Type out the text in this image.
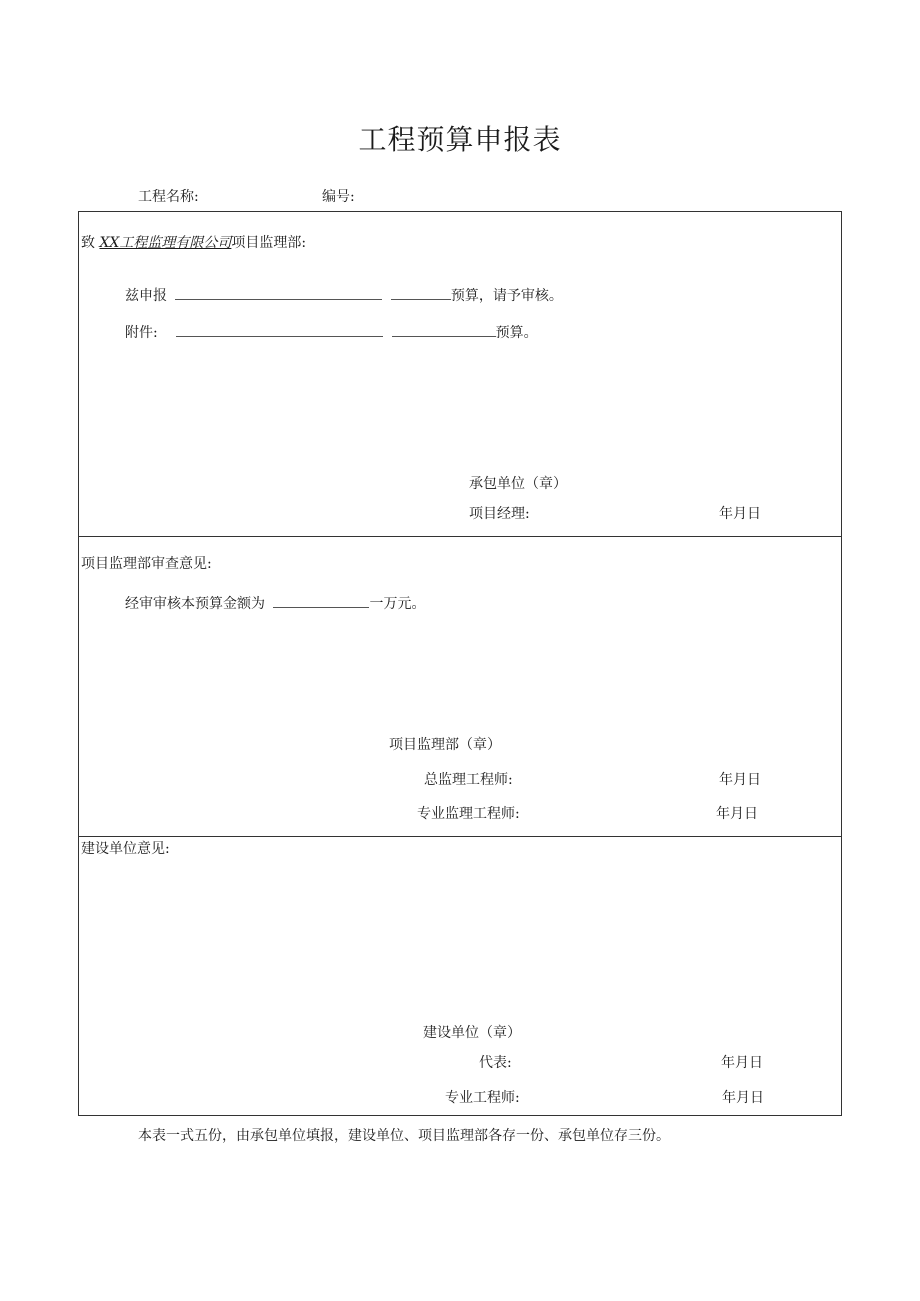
工程预算申报表
工程名称:	编号:
致 XX工程监理有限公司项目监理部:
兹申报	预算，请予审核。
附件:	预算。
承包单位（章）
项目经理:	年月日
项目监理部审查意见:
经审审核本预算金额为	一万元。
项目监理部（章）
总监理工程师:	年月日
专业监理工程师:	年月日
建设单位意见:
建设单位（章）
代表:	年月日
专业工程师:	年月日
本表一式五份，由承包单位填报，建设单位、项目监理部各存一份、承包单位存三份。
